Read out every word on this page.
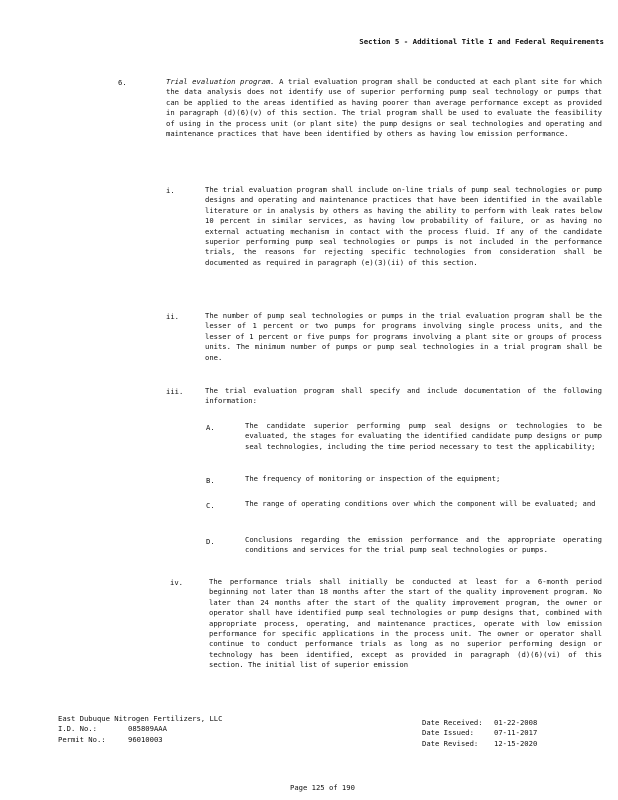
Section 5 - Additional Title I and Federal Requirements
6.	Trial evaluation program. A trial evaluation program shall be conducted at each plant site for which the data analysis does not identify use of superior performing pump seal technology or pumps that can be applied to the areas identified as having poorer than average performance except as provided in paragraph (d)(6)(v) of this section. The trial program shall be used to evaluate the feasibility of using in the process unit (or plant site) the pump designs or seal technologies and operating and maintenance practices that have been identified by others as having low emission performance.

i.	The trial evaluation program shall include on-line trials of pump seal technologies or pump designs and operating and maintenance practices that have been identified in the available literature or in analysis by others as having the ability to perform with leak rates below 10 percent in similar services, as having low probability of failure, or as having no external actuating mechanism in contact with the process fluid. If any of the candidate superior performing pump seal technologies or pumps is not included in the performance trials, the reasons for rejecting specific technologies from consideration shall be documented as required in paragraph (e)(3)(ii) of this section.
ii.	The number of pump seal technologies or pumps in the trial evaluation program shall be the lesser of 1 percent or two pumps for programs involving single process units, and the lesser of 1 percent or five pumps for programs involving a plant site or groups of process units. The minimum number of pumps or pump seal technologies in a trial program shall be one.
iii.	The trial evaluation program shall specify and include documentation of the following information:
A.	The candidate superior performing pump seal designs or technologies to be evaluated, the stages for evaluating the identified candidate pump designs or pump seal technologies, including the time period necessary to test the applicability;
B.	The frequency of monitoring or inspection of the equipment;
C.	The range of operating conditions over which the component will be evaluated; and
D.	Conclusions regarding the emission performance and the appropriate operating conditions and services for the trial pump seal technologies or pumps.
iv.	The performance trials shall initially be conducted at least for a 6-month period beginning not later than 18 months after the start of the quality improvement program. No later than 24 months after the start of the quality improvement program, the owner or operator shall have identified pump seal technologies or pump designs that, combined with appropriate process, operating, and maintenance practices, operate with low emission performance for specific applications in the process unit. The owner or operator shall continue to conduct performance trials as long as no superior performing design or technology has been identified, except as provided in paragraph (d)(6)(vi) of this section. The initial list of superior emission
East Dubuque Nitrogen Fertilizers, LLC
I.D. No.:	085809AAA
Permit No.:	96010003
Date Received:	01-22-2008
Date Issued:	07-11-2017
Date Revised:	12-15-2020
Page 125 of 190
